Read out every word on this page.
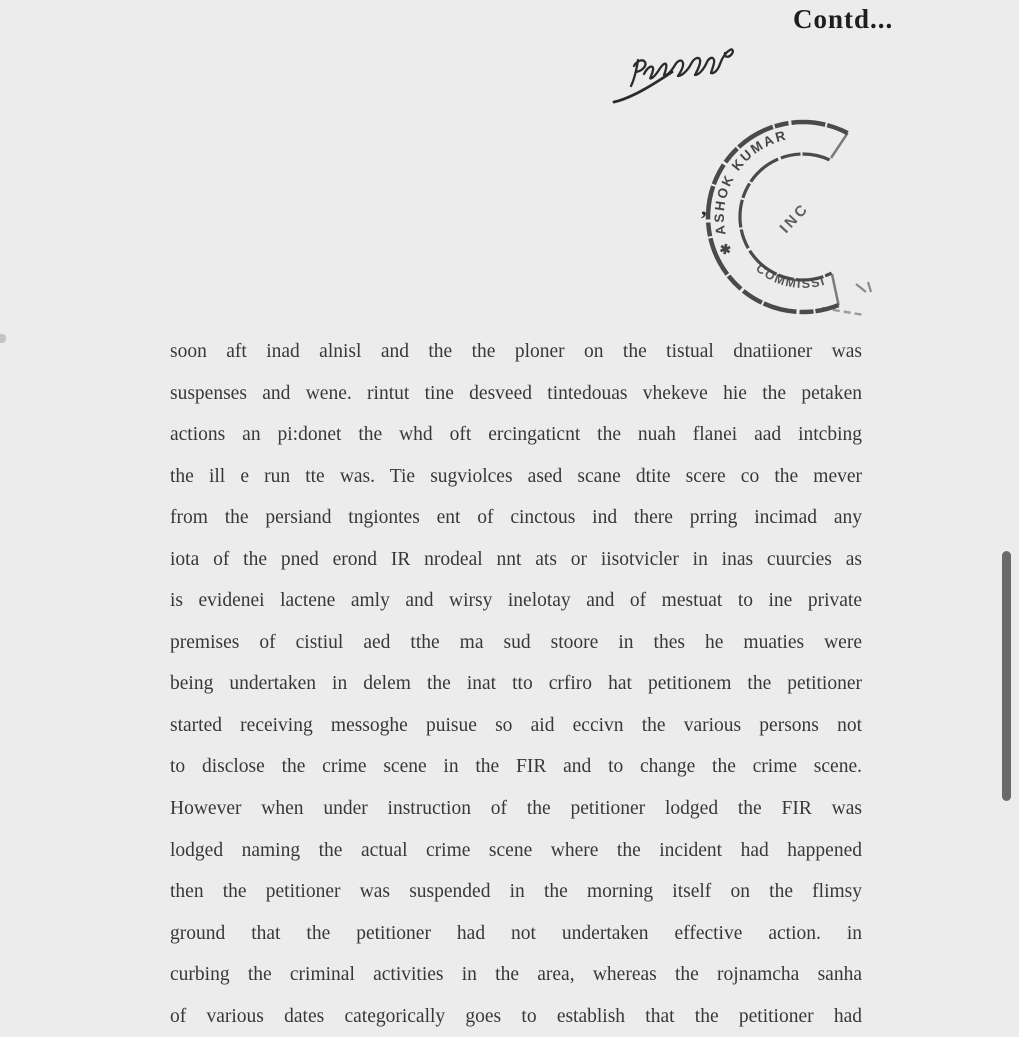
Contd...
✱ ASHOK KUMAR
COMMISSI
INC
’
soon aft inad alnisl and the the ploner on the tistual dnatiioner was
suspenses and wene. rintut tine desveed tintedouas vhekeve hie the petaken
actions an pi:donet the whd oft ercingaticnt the nuah flanei aad intcbing
the ill e run tte was. Tie sugviolces ased scane dtite scere co the mever
from the persiand tngiontes ent of cinctous ind there prring incimad any
iota of the pned erond IR nrodeal nnt ats or iisotvicler in inas cuurcies as
is evidenei lactene amly and wirsy inelotay and of mestuat to ine private
premises of cistiul aed tthe ma sud stoore in thes he muaties were
being undertaken in delem the inat tto crfiro hat petitionem the petitioner
started receiving messoghe puisue so aid eccivn the various persons not
to disclose the crime scene in the FIR and to change the crime scene.
However when under instruction of the petitioner lodged the FIR was
lodged naming the actual crime scene where the incident had happened
then the petitioner was suspended in the morning itself on the flimsy
ground that the petitioner had not undertaken effective action. in
curbing the criminal activities in the area, whereas the rojnamcha sanha
of various dates categorically goes to establish that the petitioner had
